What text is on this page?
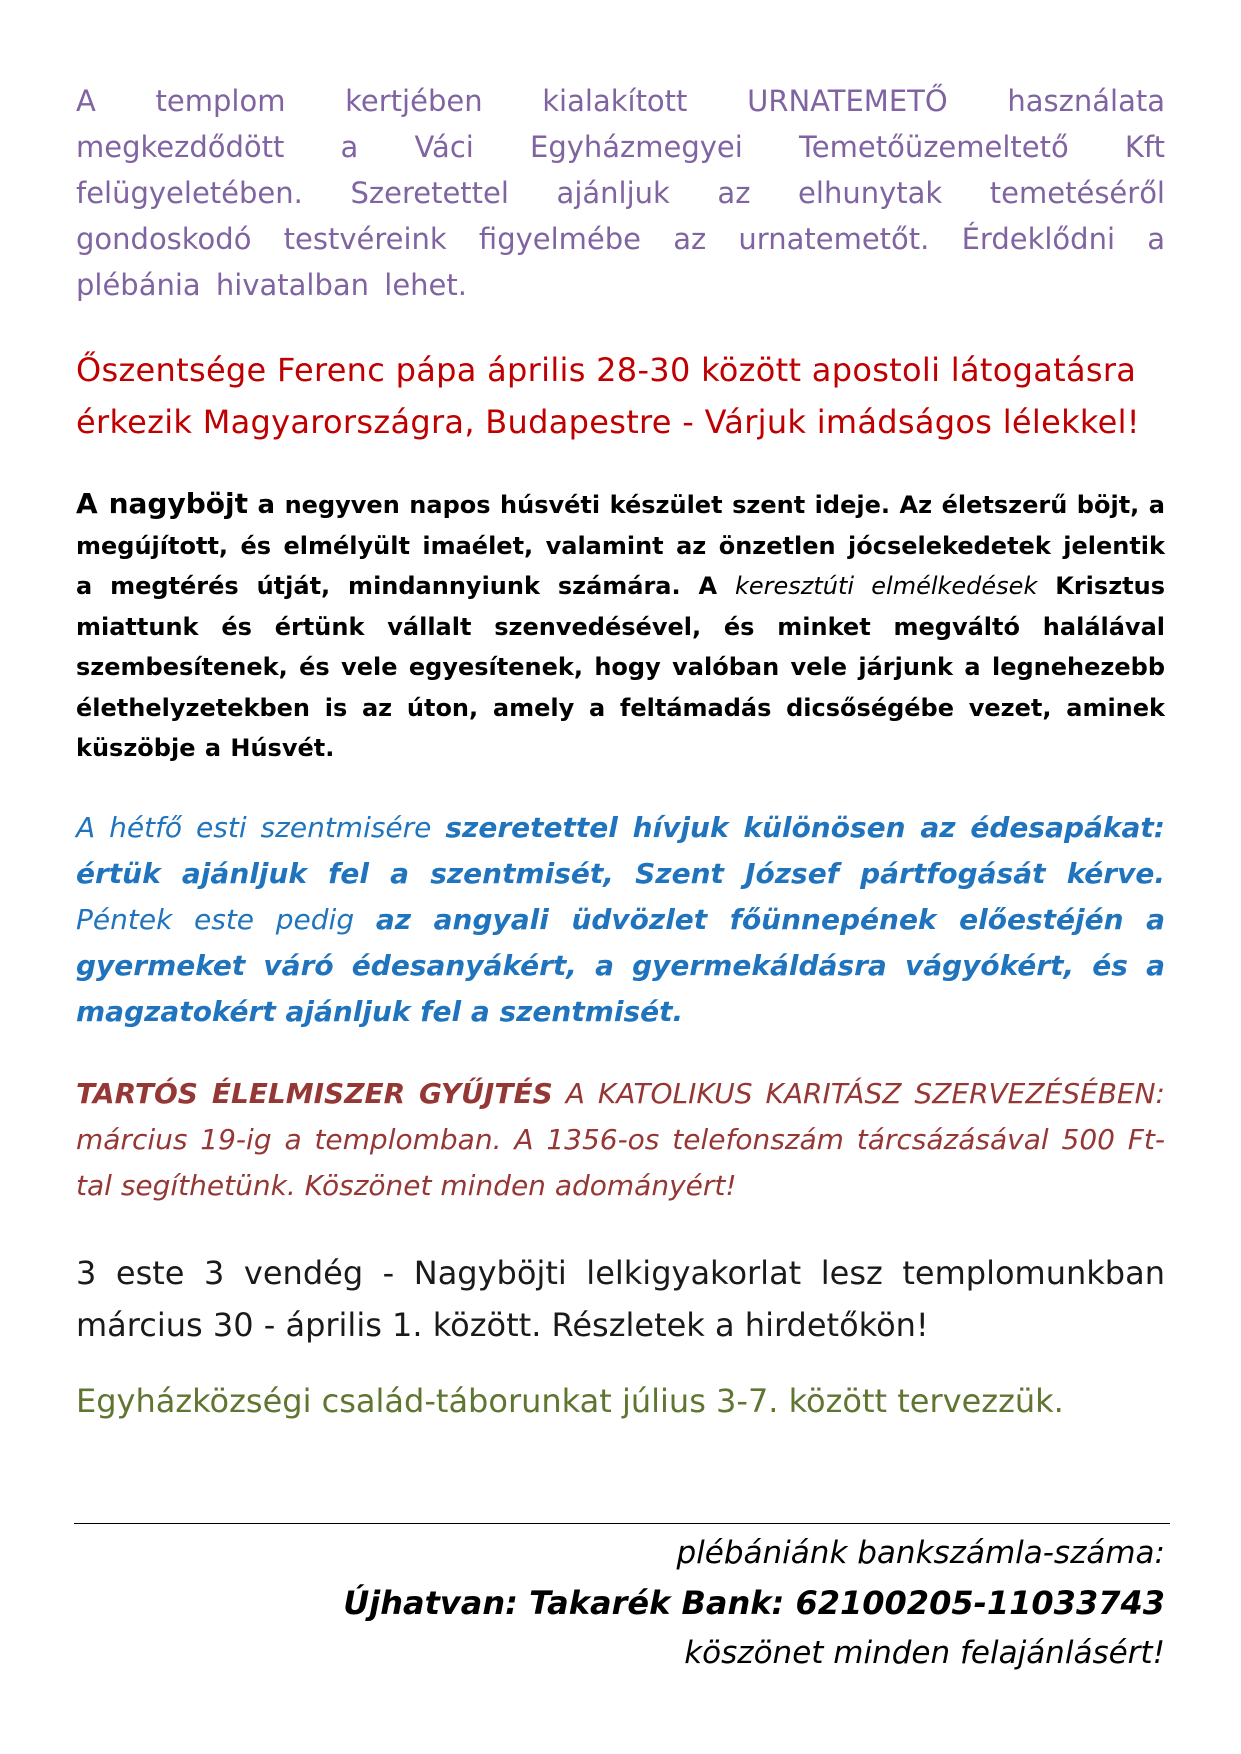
A templom kertjében kialakított URNATEMETŐ használata megkezdődött a Váci Egyházmegyei Temetőüzemeltető Kft felügyeletében. Szeretettel ajánljuk az elhunytak temetéséről gondoskodó testvéreink figyelmébe az urnatemetőt. Érdeklődni a plébánia hivatalban lehet.

Őszentsége Ferenc pápa április 28-30 között apostoli látogatásra érkezik Magyarországra, Budapestre - Várjuk imádságos lélekkel!

A nagyböjt a negyven napos húsvéti készület szent ideje. Az életszerű böjt, a megújított, és elmélyült imaélet, valamint az önzetlen jócselekedetek jelentik a megtérés útját, mindannyiunk számára. A keresztúti elmélkedések Krisztus miattunk és értünk vállalt szenvedésével, és minket megváltó halálával szembesítenek, és vele egyesítenek, hogy valóban vele járjunk a legnehezebb élethelyzetekben is az úton, amely a feltámadás dicsőségébe vezet, aminek küszöbje a Húsvét.

A hétfő esti szentmisére szeretettel hívjuk különösen az édesapákat: értük ajánljuk fel a szentmisét, Szent József pártfogását kérve. Péntek este pedig az angyali üdvözlet főünnepének előestéjén a gyermeket váró édesanyákért, a gyermekáldásra vágyókért, és a magzatokért ajánljuk fel a szentmisét.

TARTÓS ÉLELMISZER GYŰJTÉS A KATOLIKUS KARITÁSZ SZERVEZÉSÉBEN: március 19-ig a templomban. A 1356-os telefonszám tárcsázásával 500 Ft-tal segíthetünk. Köszönet minden adományért!

3 este 3 vendég - Nagyböjti lelkigyakorlat lesz templomunkban március 30 - április 1. között. Részletek a hirdetőkön!

Egyházközségi család-táborunkat július 3-7. között tervezzük.

plébániánk bankszámla-száma:
Újhatvan: Takarék Bank: 62100205-11033743
köszönet minden felajánlásért!
